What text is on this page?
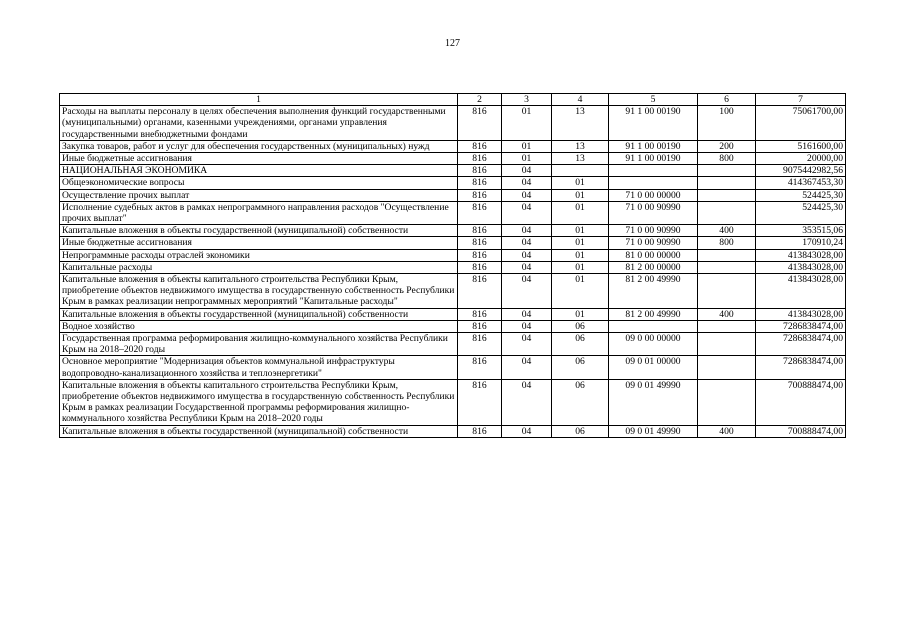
127
1	2	3	4	5	6	7
Расходы на выплаты персоналу в целях обеспечения выполнения функций государственными (муниципальными) органами, казенными учреждениями, органами управления государственными внебюджетными фондами	816	01	13	91 1 00 00190	100	75061700,00
Закупка товаров, работ и услуг для обеспечения государственных (муниципальных) нужд	816	01	13	91 1 00 00190	200	5161600,00
Иные бюджетные ассигнования	816	01	13	91 1 00 00190	800	20000,00
НАЦИОНАЛЬНАЯ ЭКОНОМИКА	816	04				9075442982,56
Общеэкономические вопросы	816	04	01			414367453,30
Осуществление прочих выплат	816	04	01	71 0 00 00000		524425,30
Исполнение судебных актов в рамках непрограммного направления расходов "Осуществление прочих выплат"	816	04	01	71 0 00 90990		524425,30
Капитальные вложения в объекты государственной (муниципальной) собственности	816	04	01	71 0 00 90990	400	353515,06
Иные бюджетные ассигнования	816	04	01	71 0 00 90990	800	170910,24
Непрограммные расходы отраслей экономики	816	04	01	81 0 00 00000		413843028,00
Капитальные расходы	816	04	01	81 2 00 00000		413843028,00
Капитальные вложения в объекты капитального строительства Республики Крым, приобретение объектов недвижимого имущества в государственную собственность Республики Крым в рамках реализации непрограммных мероприятий "Капитальные расходы"	816	04	01	81 2 00 49990		413843028,00
Капитальные вложения в объекты государственной (муниципальной) собственности	816	04	01	81 2 00 49990	400	413843028,00
Водное хозяйство	816	04	06			7286838474,00
Государственная программа реформирования жилищно-коммунального хозяйства Республики Крым на 2018–2020 годы	816	04	06	09 0 00 00000		7286838474,00
Основное мероприятие "Модернизация объектов коммунальной инфраструктуры водопроводно-канализационного хозяйства и теплоэнергетики"	816	04	06	09 0 01 00000		7286838474,00
Капитальные вложения в объекты капитального строительства Республики Крым, приобретение объектов недвижимого имущества в государственную собственность Республики Крым в рамках реализации Государственной программы реформирования жилищно-коммунального хозяйства Республики Крым на 2018–2020 годы	816	04	06	09 0 01 49990		700888474,00
Капитальные вложения в объекты государственной (муниципальной) собственности	816	04	06	09 0 01 49990	400	700888474,00
